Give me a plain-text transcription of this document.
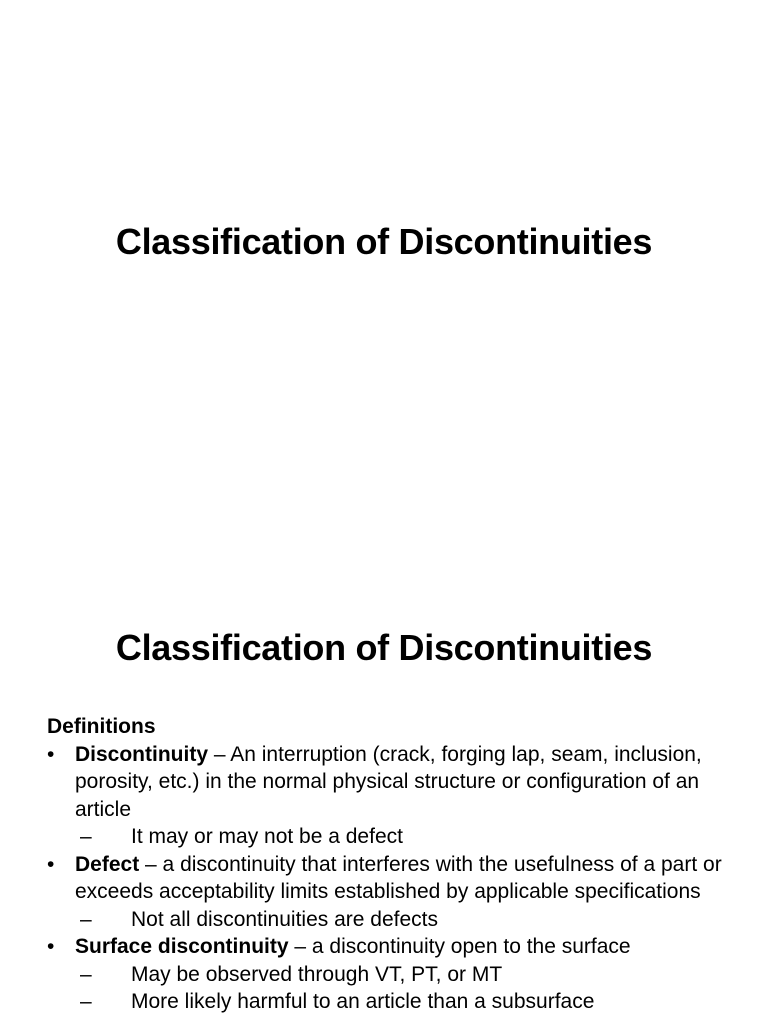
Classification of Discontinuities
Classification of Discontinuities
Definitions
• Discontinuity – An interruption (crack, forging lap, seam, inclusion, porosity, etc.) in the normal physical structure or configuration of an article
– It may or may not be a defect
• Defect – a discontinuity that interferes with the usefulness of a part or exceeds acceptability limits established by applicable specifications
– Not all discontinuities are defects
• Surface discontinuity – a discontinuity open to the surface
– May be observed through VT, PT, or MT
– More likely harmful to an article than a subsurface
